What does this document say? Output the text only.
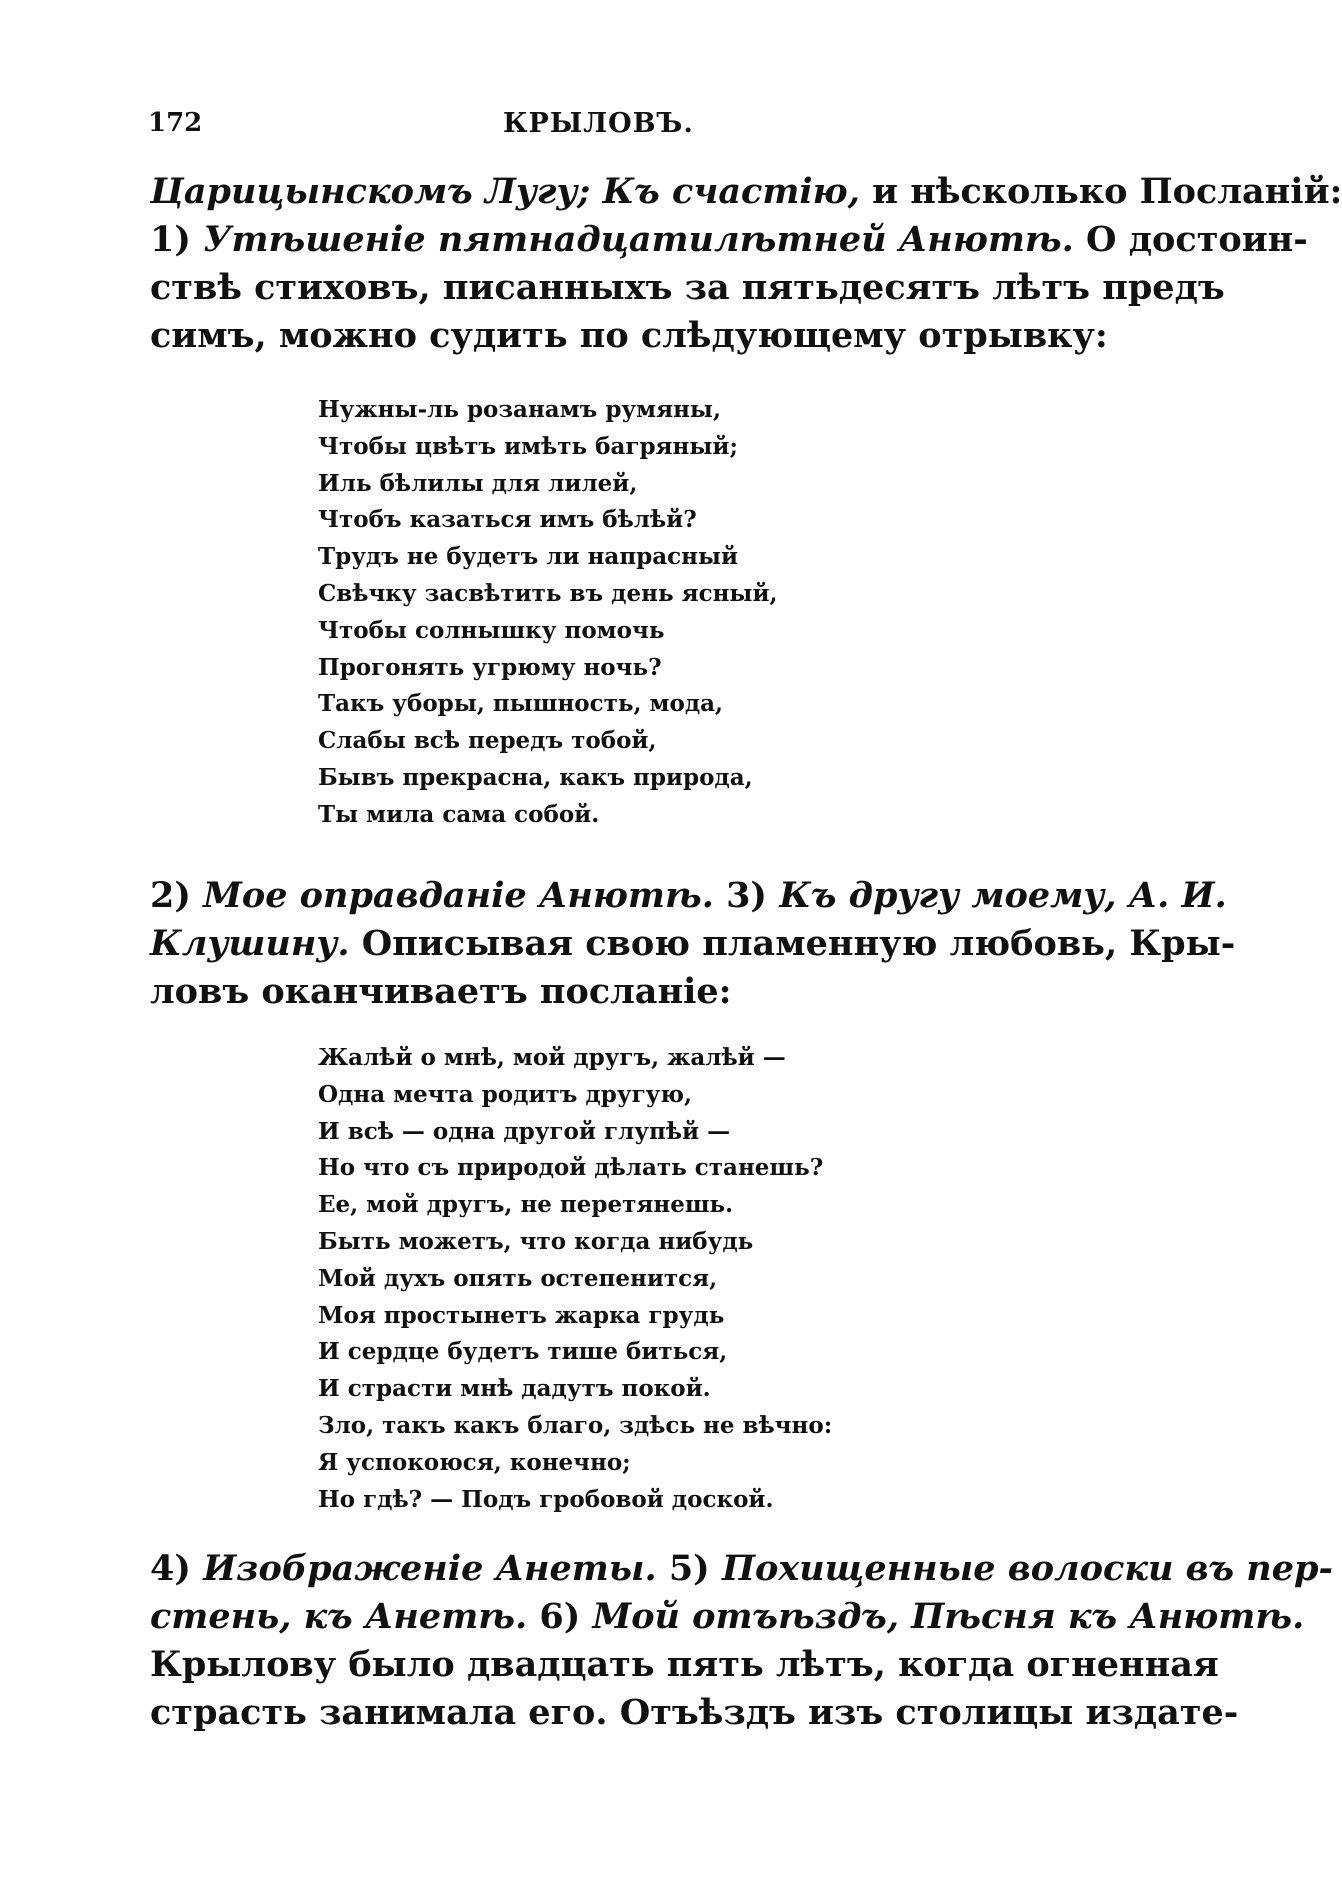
172	КРЫЛОВЪ.
Царицынскомъ Лугу; Къ счастію, и нѣсколько Посланій:
1) Утѣшеніе пятнадцатилѣтней Анютѣ. О достоин-
ствѣ стиховъ, писанныхъ за пятьдесятъ лѣтъ предъ
симъ, можно судить по слѣдующему отрывку:
Нужны-ль розанамъ румяны,
Чтобы цвѣтъ имѣть багряный;
Иль бѣлилы для лилей,
Чтобъ казаться имъ бѣлѣй?
Трудъ не будетъ ли напрасный
Свѣчку засвѣтить въ день ясный,
Чтобы солнышку помочь
Прогонять угрюму ночь?
Такъ уборы, пышность, мода,
Слабы всѣ передъ тобой,
Бывъ прекрасна, какъ природа,
Ты мила сама собой.
2) Мое оправданіе Анютѣ. 3) Къ другу моему, А. И.
Клушину. Описывая свою пламенную любовь, Кры-
ловъ оканчиваетъ посланіе:
Жалѣй о мнѣ, мой другъ, жалѣй —
Одна мечта родитъ другую,
И всѣ — одна другой глупѣй —
Но что съ природой дѣлать станешь?
Ее, мой другъ, не перетянешь.
Быть можетъ, что когда нибудь
Мой духъ опять остепенится,
Моя простынетъ жарка грудь
И сердце будетъ тише биться,
И страсти мнѣ дадутъ покой.
Зло, такъ какъ благо, здѣсь не вѣчно:
Я успокоюся, конечно;
Но гдѣ? — Подъ гробовой доской.
4) Изображеніе Анеты. 5) Похищенные волоски въ пер-
стень, къ Анетѣ. 6) Мой отъѣздъ, Пѣсня къ Анютѣ.
Крылову было двадцать пять лѣтъ, когда огненная
страсть занимала его. Отъѣздъ изъ столицы издате-
